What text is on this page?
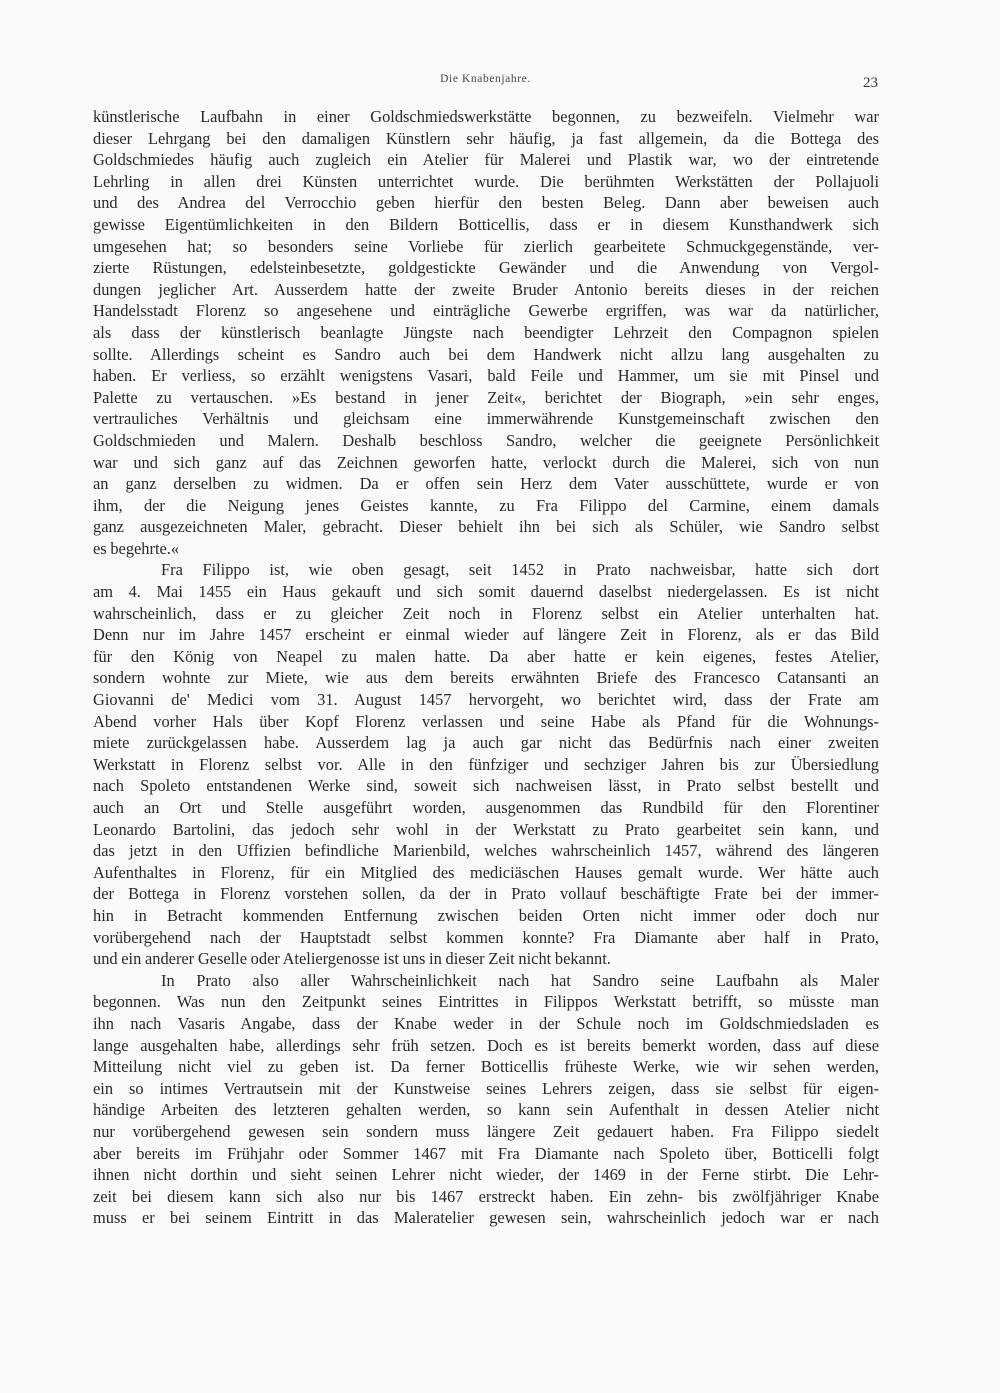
Die Knabenjahre.	23
künstlerische Laufbahn in einer Goldschmiedswerkstätte begonnen, zu bezweifeln. Vielmehr war
dieser Lehrgang bei den damaligen Künstlern sehr häufig, ja fast allgemein, da die Bottega des
Goldschmiedes häufig auch zugleich ein Atelier für Malerei und Plastik war, wo der eintretende
Lehrling in allen drei Künsten unterrichtet wurde. Die berühmten Werkstätten der Pollajuoli
und des Andrea del Verrocchio geben hierfür den besten Beleg. Dann aber beweisen auch
gewisse Eigentümlichkeiten in den Bildern Botticellis, dass er in diesem Kunsthandwerk sich
umgesehen hat; so besonders seine Vorliebe für zierlich gearbeitete Schmuckgegenstände, ver-
zierte Rüstungen, edelsteinbesetzte, goldgestickte Gewänder und die Anwendung von Vergol-
dungen jeglicher Art. Ausserdem hatte der zweite Bruder Antonio bereits dieses in der reichen
Handelsstadt Florenz so angesehene und einträgliche Gewerbe ergriffen, was war da natürlicher,
als dass der künstlerisch beanlagte Jüngste nach beendigter Lehrzeit den Compagnon spielen
sollte. Allerdings scheint es Sandro auch bei dem Handwerk nicht allzu lang ausgehalten zu
haben. Er verliess, so erzählt wenigstens Vasari, bald Feile und Hammer, um sie mit Pinsel und
Palette zu vertauschen. »Es bestand in jener Zeit«, berichtet der Biograph, »ein sehr enges,
vertrauliches Verhältnis und gleichsam eine immerwährende Kunstgemeinschaft zwischen den
Goldschmieden und Malern. Deshalb beschloss Sandro, welcher die geeignete Persönlichkeit
war und sich ganz auf das Zeichnen geworfen hatte, verlockt durch die Malerei, sich von nun
an ganz derselben zu widmen. Da er offen sein Herz dem Vater ausschüttete, wurde er von
ihm, der die Neigung jenes Geistes kannte, zu Fra Filippo del Carmine, einem damals
ganz ausgezeichneten Maler, gebracht. Dieser behielt ihn bei sich als Schüler, wie Sandro selbst
es begehrte.«
Fra Filippo ist, wie oben gesagt, seit 1452 in Prato nachweisbar, hatte sich dort
am 4. Mai 1455 ein Haus gekauft und sich somit dauernd daselbst niedergelassen. Es ist nicht
wahrscheinlich, dass er zu gleicher Zeit noch in Florenz selbst ein Atelier unterhalten hat.
Denn nur im Jahre 1457 erscheint er einmal wieder auf längere Zeit in Florenz, als er das Bild
für den König von Neapel zu malen hatte. Da aber hatte er kein eigenes, festes Atelier,
sondern wohnte zur Miete, wie aus dem bereits erwähnten Briefe des Francesco Catansanti an
Giovanni de' Medici vom 31. August 1457 hervorgeht, wo berichtet wird, dass der Frate am
Abend vorher Hals über Kopf Florenz verlassen und seine Habe als Pfand für die Wohnungs-
miete zurückgelassen habe. Ausserdem lag ja auch gar nicht das Bedürfnis nach einer zweiten
Werkstatt in Florenz selbst vor. Alle in den fünfziger und sechziger Jahren bis zur Übersiedlung
nach Spoleto entstandenen Werke sind, soweit sich nachweisen lässt, in Prato selbst bestellt und
auch an Ort und Stelle ausgeführt worden, ausgenommen das Rundbild für den Florentiner
Leonardo Bartolini, das jedoch sehr wohl in der Werkstatt zu Prato gearbeitet sein kann, und
das jetzt in den Uffizien befindliche Marienbild, welches wahrscheinlich 1457, während des längeren
Aufenthaltes in Florenz, für ein Mitglied des mediciäschen Hauses gemalt wurde. Wer hätte auch
der Bottega in Florenz vorstehen sollen, da der in Prato vollauf beschäftigte Frate bei der immer-
hin in Betracht kommenden Entfernung zwischen beiden Orten nicht immer oder doch nur
vorübergehend nach der Hauptstadt selbst kommen konnte? Fra Diamante aber half in Prato,
und ein anderer Geselle oder Ateliergenosse ist uns in dieser Zeit nicht bekannt.
In Prato also aller Wahrscheinlichkeit nach hat Sandro seine Laufbahn als Maler
begonnen. Was nun den Zeitpunkt seines Eintrittes in Filippos Werkstatt betrifft, so müsste man
ihn nach Vasaris Angabe, dass der Knabe weder in der Schule noch im Goldschmiedsladen es
lange ausgehalten habe, allerdings sehr früh setzen. Doch es ist bereits bemerkt worden, dass auf diese
Mitteilung nicht viel zu geben ist. Da ferner Botticellis früheste Werke, wie wir sehen werden,
ein so intimes Vertrautsein mit der Kunstweise seines Lehrers zeigen, dass sie selbst für eigen-
händige Arbeiten des letzteren gehalten werden, so kann sein Aufenthalt in dessen Atelier nicht
nur vorübergehend gewesen sein sondern muss längere Zeit gedauert haben. Fra Filippo siedelt
aber bereits im Frühjahr oder Sommer 1467 mit Fra Diamante nach Spoleto über, Botticelli folgt
ihnen nicht dorthin und sieht seinen Lehrer nicht wieder, der 1469 in der Ferne stirbt. Die Lehr-
zeit bei diesem kann sich also nur bis 1467 erstreckt haben. Ein zehn- bis zwölfjähriger Knabe
muss er bei seinem Eintritt in das Maleratelier gewesen sein, wahrscheinlich jedoch war er nach
